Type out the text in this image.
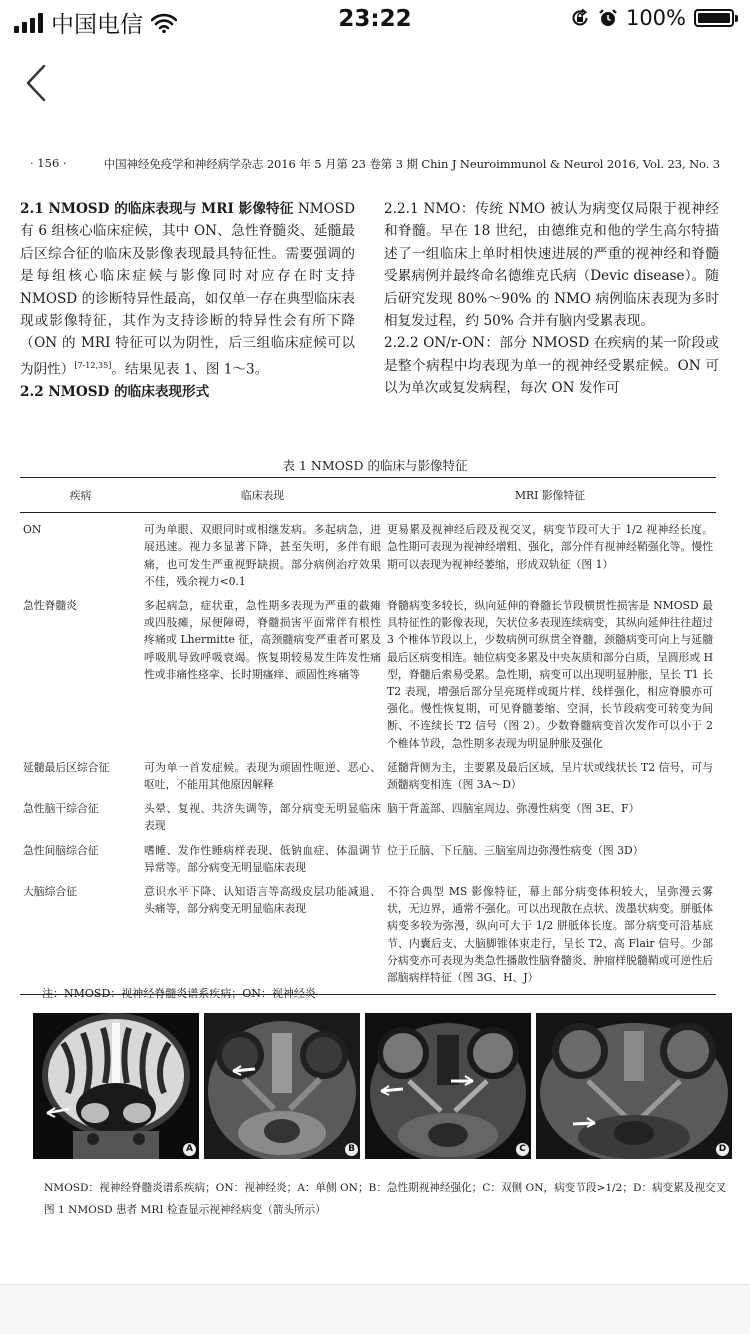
中国电信	23:22	100%
· 156 ·	中国神经免疫学和神经病学杂志 2016 年 5 月第 23 卷第 3 期 Chin J Neuroimmunol & Neurol 2016, Vol. 23, No. 3

2.1 NMOSD 的临床表现与 MRI 影像特征 NMOSD 有 6 组核心临床症候，其中 ON、急性脊髓炎、延髓最后区综合征的临床及影像表现最具特征性。需要强调的是每组核心临床症候与影像同时对应存在时支持 NMOSD 的诊断特异性最高，如仅单一存在典型临床表现或影像特征，其作为支持诊断的特异性会有所下降（ON 的 MRI 特征可以为阴性，后三组临床症候可以为阴性）[7-12,35]。结果见表 1、图 1～3。

2.2 NMOSD 的临床表现形式

2.2.1 NMO：传统 NMO 被认为病变仅局限于视神经和脊髓。早在 18 世纪，由德维克和他的学生高尔特描述了一组临床上单时相快速进展的严重的视神经和脊髓受累病例并最终命名德维克氏病（Devic disease）。随后研究发现 80%～90% 的 NMO 病例临床表现为多时相复发过程，约 50% 合并有脑内受累表现。

2.2.2 ON/r-ON：部分 NMOSD 在疾病的某一阶段或是整个病程中均表现为单一的视神经受累症候。ON 可以为单次或复发病程，每次 ON 发作可

表 1 NMOSD 的临床与影像特征
疾病	临床表现	MRI 影像特征
ON	可为单眼、双眼同时或相继发病。多起病急，进展迅速。视力多显著下降，甚至失明，多伴有眼痛，也可发生严重视野缺损。部分病例治疗效果不佳，残余视力<0.1	更易累及视神经后段及视交叉，病变节段可大于 1/2 视神经长度。急性期可表现为视神经增粗、强化，部分伴有视神经鞘强化等。慢性期可以表现为视神经萎缩，形成双轨征（图 1）
急性脊髓炎	多起病急，症状重，急性期多表现为严重的截瘫或四肢瘫，尿便障碍，脊髓损害平面常伴有根性疼痛或 Lhermitte 征，高颈髓病变严重者可累及呼吸肌导致呼吸衰竭。恢复期较易发生阵发性痛性或非痛性痉挛、长时期瘙痒、顽固性疼痛等	脊髓病变多较长，纵向延伸的脊髓长节段横贯性损害是 NMOSD 最具特征性的影像表现，矢状位多表现连续病变，其纵向延伸往往超过 3 个椎体节段以上，少数病例可纵贯全脊髓，颈髓病变可向上与延髓最后区病变相连。轴位病变多累及中央灰质和部分白质，呈圆形或 H 型，脊髓后索易受累。急性期，病变可以出现明显肿胀，呈长 T1 长 T2 表现，增强后部分呈亮斑样或斑片样、线样强化，相应脊膜亦可强化。慢性恢复期，可见脊髓萎缩、空洞，长节段病变可转变为间断、不连续长 T2 信号（图 2）。少数脊髓病变首次发作可以小于 2 个椎体节段，急性期多表现为明显肿胀及强化
延髓最后区综合征	可为单一首发症候。表现为顽固性呃逆、恶心、呕吐，不能用其他原因解释	延髓背侧为主，主要累及最后区域，呈片状或线状长 T2 信号，可与颈髓病变相连（图 3A～D）
急性脑干综合征	头晕、复视、共济失调等，部分病变无明显临床表现	脑干背盖部、四脑室周边、弥漫性病变（图 3E、F）
急性间脑综合征	嗜睡、发作性睡病样表现、低钠血症、体温调节异常等。部分病变无明显临床表现	位于丘脑、下丘脑、三脑室周边弥漫性病变（图 3D）
大脑综合征	意识水平下降、认知语言等高级皮层功能减退、头痛等，部分病变无明显临床表现	不符合典型 MS 影像特征，幕上部分病变体积较大，呈弥漫云雾状，无边界，通常不强化。可以出现散在点状、泼墨状病变。胼胝体病变多较为弥漫，纵向可大于 1/2 胼胝体长度。部分病变可沿基底节、内囊后支、大脑脚锥体束走行，呈长 T2、高 Flair 信号。少部分病变亦可表现为类急性播散性脑脊髓炎、肿瘤样脱髓鞘或可逆性后部脑病样特征（图 3G、H、J）
注：NMOSD：视神经脊髓炎谱系疾病；ON：视神经炎
A	B	C	D
NMOSD：视神经脊髓炎谱系疾病；ON：视神经炎；A：单侧 ON；B：急性期视神经强化；C：双侧 ON，病变节段>1/2；D：病变累及视交叉
图 1 NMOSD 患者 MRI 检查显示视神经病变（箭头所示）
